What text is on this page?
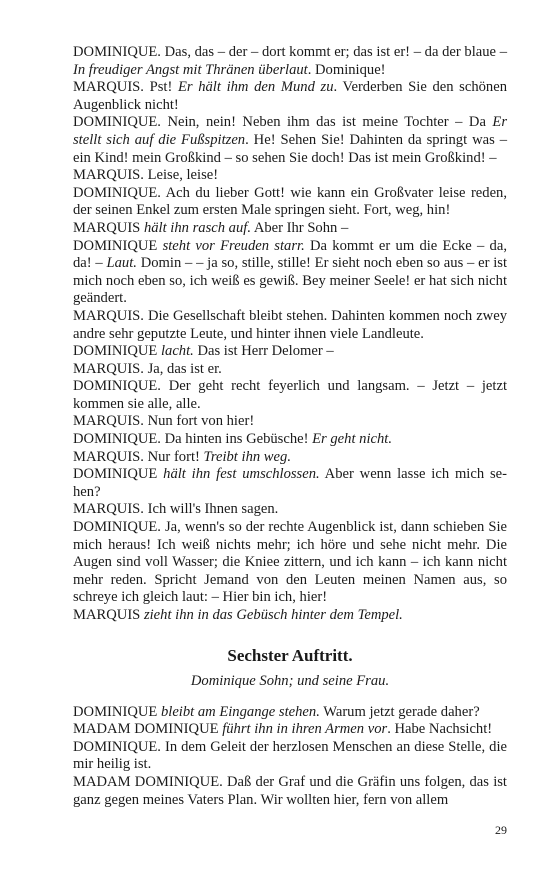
DOMINIQUE. Das, das – der – dort kommt er; das ist er! – da der blaue – In freudiger Angst mit Thränen überlaut. Dominique!
MARQUIS. Pst! Er hält ihm den Mund zu. Verderben Sie den schönen Augenblick nicht!
DOMINIQUE. Nein, nein! Neben ihm das ist meine Tochter – Da Er stellt sich auf die Fußspitzen. He! Sehen Sie! Dahinten da springt was – ein Kind! mein Großkind – so sehen Sie doch! Das ist mein Großkind! –
MARQUIS. Leise, leise!
DOMINIQUE. Ach du lieber Gott! wie kann ein Großvater leise reden, der seinen Enkel zum ersten Male springen sieht. Fort, weg, hin!
MARQUIS hält ihn rasch auf. Aber Ihr Sohn –
DOMINIQUE steht vor Freuden starr. Da kommt er um die Ecke – da, da! – Laut. Domin – – ja so, stille, stille! Er sieht noch eben so aus – er ist mich noch eben so, ich weiß es gewiß. Bey meiner Seele! er hat sich nicht geändert.
MARQUIS. Die Gesellschaft bleibt stehen. Dahinten kommen noch zwey andre sehr geputzte Leute, und hinter ihnen viele Landleute.
DOMINIQUE lacht. Das ist Herr Delomer –
MARQUIS. Ja, das ist er.
DOMINIQUE. Der geht recht feyerlich und langsam. – Jetzt – jetzt kommen sie alle, alle.
MARQUIS. Nun fort von hier!
DOMINIQUE. Da hinten ins Gebüsche! Er geht nicht.
MARQUIS. Nur fort! Treibt ihn weg.
DOMINIQUE hält ihn fest umschlossen. Aber wenn lasse ich mich sehen?
MARQUIS. Ich will's Ihnen sagen.
DOMINIQUE. Ja, wenn's so der rechte Augenblick ist, dann schieben Sie mich heraus! Ich weiß nichts mehr; ich höre und sehe nicht mehr. Die Augen sind voll Wasser; die Kniee zittern, und ich kann – ich kann nicht mehr reden. Spricht Jemand von den Leuten meinen Namen aus, so schreye ich gleich laut: – Hier bin ich, hier!
MARQUIS zieht ihn in das Gebüsch hinter dem Tempel.
Sechster Auftritt.
Dominique Sohn; und seine Frau.
DOMINIQUE bleibt am Eingange stehen. Warum jetzt gerade daher?
MADAM DOMINIQUE führt ihn in ihren Armen vor. Habe Nachsicht!
DOMINIQUE. In dem Geleit der herzlosen Menschen an diese Stelle, die mir heilig ist.
MADAM DOMINIQUE. Daß der Graf und die Gräfin uns folgen, das ist ganz gegen meines Vaters Plan. Wir wollten hier, fern von allem
29
